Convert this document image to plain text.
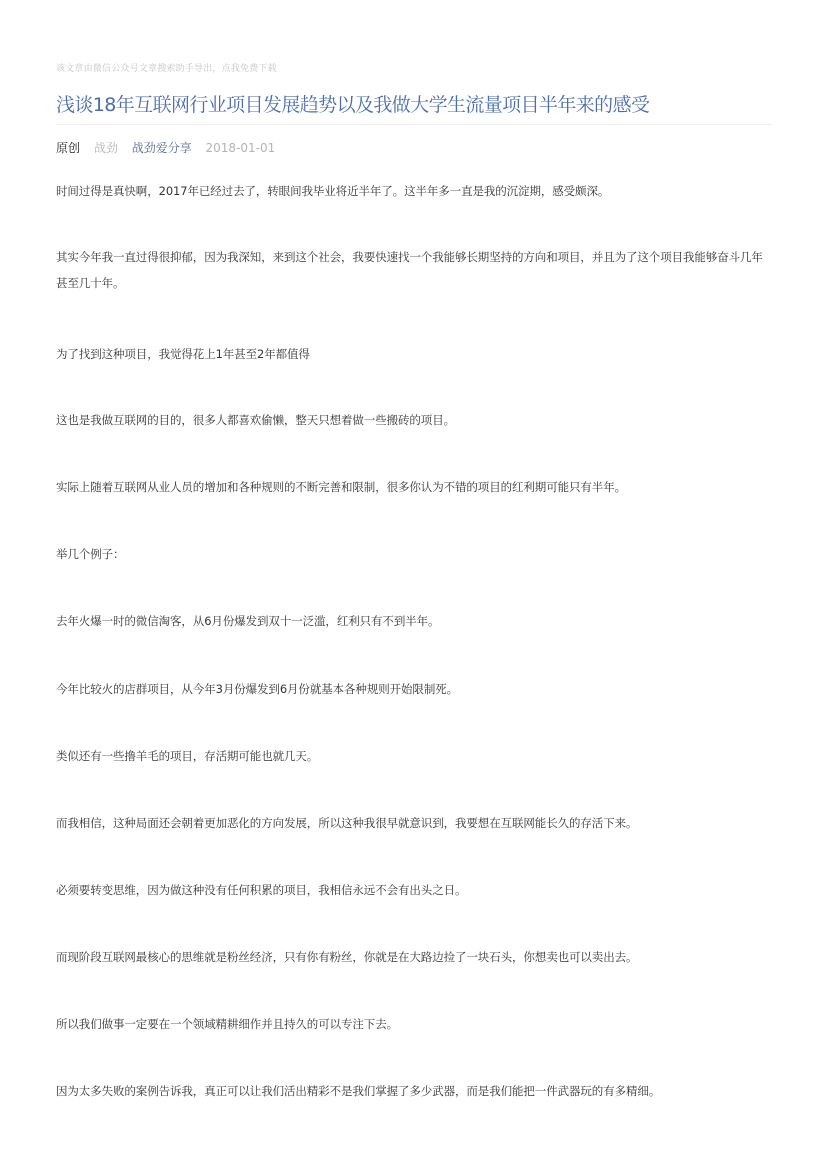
该文章由微信公众号文章搜索助手导出，点我免费下载
浅谈18年互联网行业项目发展趋势以及我做大学生流量项目半年来的感受
原创 战劲 战劲爱分享 2018-01-01

时间过得是真快啊，2017年已经过去了，转眼间我毕业将近半年了。这半年多一直是我的沉淀期，感受颇深。

其实今年我一直过得很抑郁，因为我深知，来到这个社会，我要快速找一个我能够长期坚持的方向和项目，并且为了这个项目我能够奋斗几年甚至几十年。

为了找到这种项目，我觉得花上1年甚至2年都值得

这也是我做互联网的目的，很多人都喜欢偷懒，整天只想着做一些搬砖的项目。

实际上随着互联网从业人员的增加和各种规则的不断完善和限制，很多你认为不错的项目的红利期可能只有半年。

举几个例子：

去年火爆一时的微信淘客，从6月份爆发到双十一泛滥，红利只有不到半年。

今年比较火的店群项目，从今年3月份爆发到6月份就基本各种规则开始限制死。

类似还有一些撸羊毛的项目，存活期可能也就几天。

而我相信，这种局面还会朝着更加恶化的方向发展，所以这种我很早就意识到，我要想在互联网能长久的存活下来。

必须要转变思维，因为做这种没有任何积累的项目，我相信永远不会有出头之日。

而现阶段互联网最核心的思维就是粉丝经济，只有你有粉丝，你就是在大路边捡了一块石头，你想卖也可以卖出去。

所以我们做事一定要在一个领域精耕细作并且持久的可以专注下去。

因为太多失败的案例告诉我，真正可以让我们活出精彩不是我们掌握了多少武器，而是我们能把一件武器玩的有多精细。
